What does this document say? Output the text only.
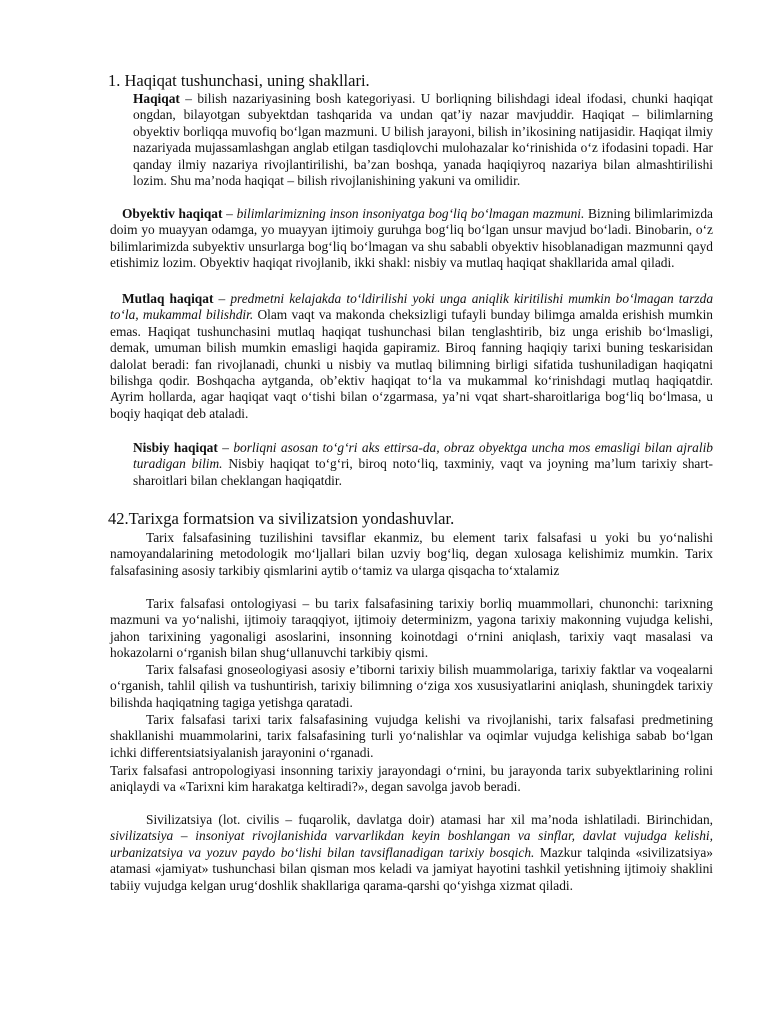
1. Haqiqat tushunchasi, uning shakllari.

Haqiqat – bilish nazariyasining bosh kategoriyasi. U borliqning bilishdagi ideal ifodasi, chunki haqiqat ongdan, bilayotgan subyektdan tashqarida va undan qat’iy nazar mavjuddir. Haqiqat – bilimlarning obyektiv borliqqa muvofiq bo‘lgan mazmuni. U bilish jarayoni, bilish in’ikosining natijasidir. Haqiqat ilmiy nazariyada mujassamlashgan anglab etilgan tasdiqlovchi mulohazalar ko‘rinishida o‘z ifodasini topadi. Har qanday ilmiy nazariya rivojlantirilishi, ba’zan boshqa, yanada haqiqiyroq nazariya bilan almashtirilishi lozim. Shu ma’noda haqiqat – bilish rivojlanishining yakuni va omilidir.

Obyektiv haqiqat – bilimlarimizning inson insoniyatga bog‘liq bo‘lmagan mazmuni. Bizning bilimlarimizda doim yo muayyan odamga, yo muayyan ijtimoiy guruhga bog‘liq bo‘lgan unsur mavjud bo‘ladi. Binobarin, o‘z bilimlarimizda subyektiv unsurlarga bog‘liq bo‘lmagan va shu sababli obyektiv hisoblanadigan mazmunni qayd etishimiz lozim. Obyektiv haqiqat rivojlanib, ikki shakl: nisbiy va mutlaq haqiqat shakllarida amal qiladi.

Mutlaq haqiqat – predmetni kelajakda to‘ldirilishi yoki unga aniqlik kiritilishi mumkin bo‘lmagan tarzda to‘la, mukammal bilishdir. Olam vaqt va makonda cheksizligi tufayli bunday bilimga amalda erishish mumkin emas. Haqiqat tushunchasini mutlaq haqiqat tushunchasi bilan tenglashtirib, biz unga erishib bo‘lmasligi, demak, umuman bilish mumkin emasligi haqida gapiramiz. Biroq fanning haqiqiy tarixi buning teskarisidan dalolat beradi: fan rivojlanadi, chunki u nisbiy va mutlaq bilimning birligi sifatida tushuniladigan haqiqatni bilishga qodir. Boshqacha aytganda, ob’ektiv haqiqat to‘la va mukammal ko‘rinishdagi mutlaq haqiqatdir. Ayrim hollarda, agar haqiqat vaqt o‘tishi bilan o‘zgarmasa, ya’ni vqat shart-sharoitlariga bog‘liq bo‘lmasa, u boqiy haqiqat deb ataladi.

Nisbiy haqiqat – borliqni asosan to‘g‘ri aks ettirsa-da, obraz obyektga uncha mos emasligi bilan ajralib turadigan bilim. Nisbiy haqiqat to‘g‘ri, biroq noto‘liq, taxminiy, vaqt va joyning ma’lum tarixiy shart-sharoitlari bilan cheklangan haqiqatdir.

42.Tarixga formatsion va sivilizatsion yondashuvlar.

Tarix falsafasining tuzilishini tavsiflar ekanmiz, bu element tarix falsafasi u yoki bu yo‘nalishi namoyandalarining metodologik mo‘ljallari bilan uzviy bog‘liq, degan xulosaga kelishimiz mumkin. Tarix falsafasining asosiy tarkibiy qismlarini aytib o‘tamiz va ularga qisqacha to‘xtalamiz

Tarix falsafasi ontologiyasi – bu tarix falsafasining tarixiy borliq muammollari, chunonchi: tarixning mazmuni va yo‘nalishi, ijtimoiy taraqqiyot, ijtimoiy determinizm, yagona tarixiy makonning vujudga kelishi, jahon tarixining yagonaligi asoslarini, insonning koinotdagi o‘rnini aniqlash, tarixiy vaqt masalasi va hokazolarni o‘rganish bilan shug‘ullanuvchi tarkibiy qismi.

Tarix falsafasi gnoseologiyasi asosiy e’tiborni tarixiy bilish muammolariga, tarixiy faktlar va voqealarni o‘rganish, tahlil qilish va tushuntirish, tarixiy bilimning o‘ziga xos xususiyatlarini aniqlash, shuningdek tarixiy bilishda haqiqatning tagiga yetishga qaratadi.

Tarix falsafasi tarixi tarix falsafasining vujudga kelishi va rivojlanishi, tarix falsafasi predmetining shakllanishi muammolarini, tarix falsafasining turli yo‘nalishlar va oqimlar vujudga kelishiga sabab bo‘lgan ichki differentsiatsiyalanish jarayonini o‘rganadi.

Tarix falsafasi antropologiyasi insonning tarixiy jarayondagi o‘rnini, bu jarayonda tarix subyektlarining rolini aniqlaydi va «Tarixni kim harakatga keltiradi?», degan savolga javob beradi.

Sivilizatsiya (lot. civilis – fuqarolik, davlatga doir) atamasi har xil ma’noda ishlatiladi. Birinchidan, sivilizatsiya – insoniyat rivojlanishida varvarlikdan keyin boshlangan va sinflar, davlat vujudga kelishi, urbanizatsiya va yozuv paydo bo‘lishi bilan tavsiflanadigan tarixiy bosqich. Mazkur talqinda «sivilizatsiya» atamasi «jamiyat» tushunchasi bilan qisman mos keladi va jamiyat hayotini tashkil yetishning ijtimoiy shaklini tabiiy vujudga kelgan urug‘doshlik shakllariga qarama-qarshi qo‘yishga xizmat qiladi.
